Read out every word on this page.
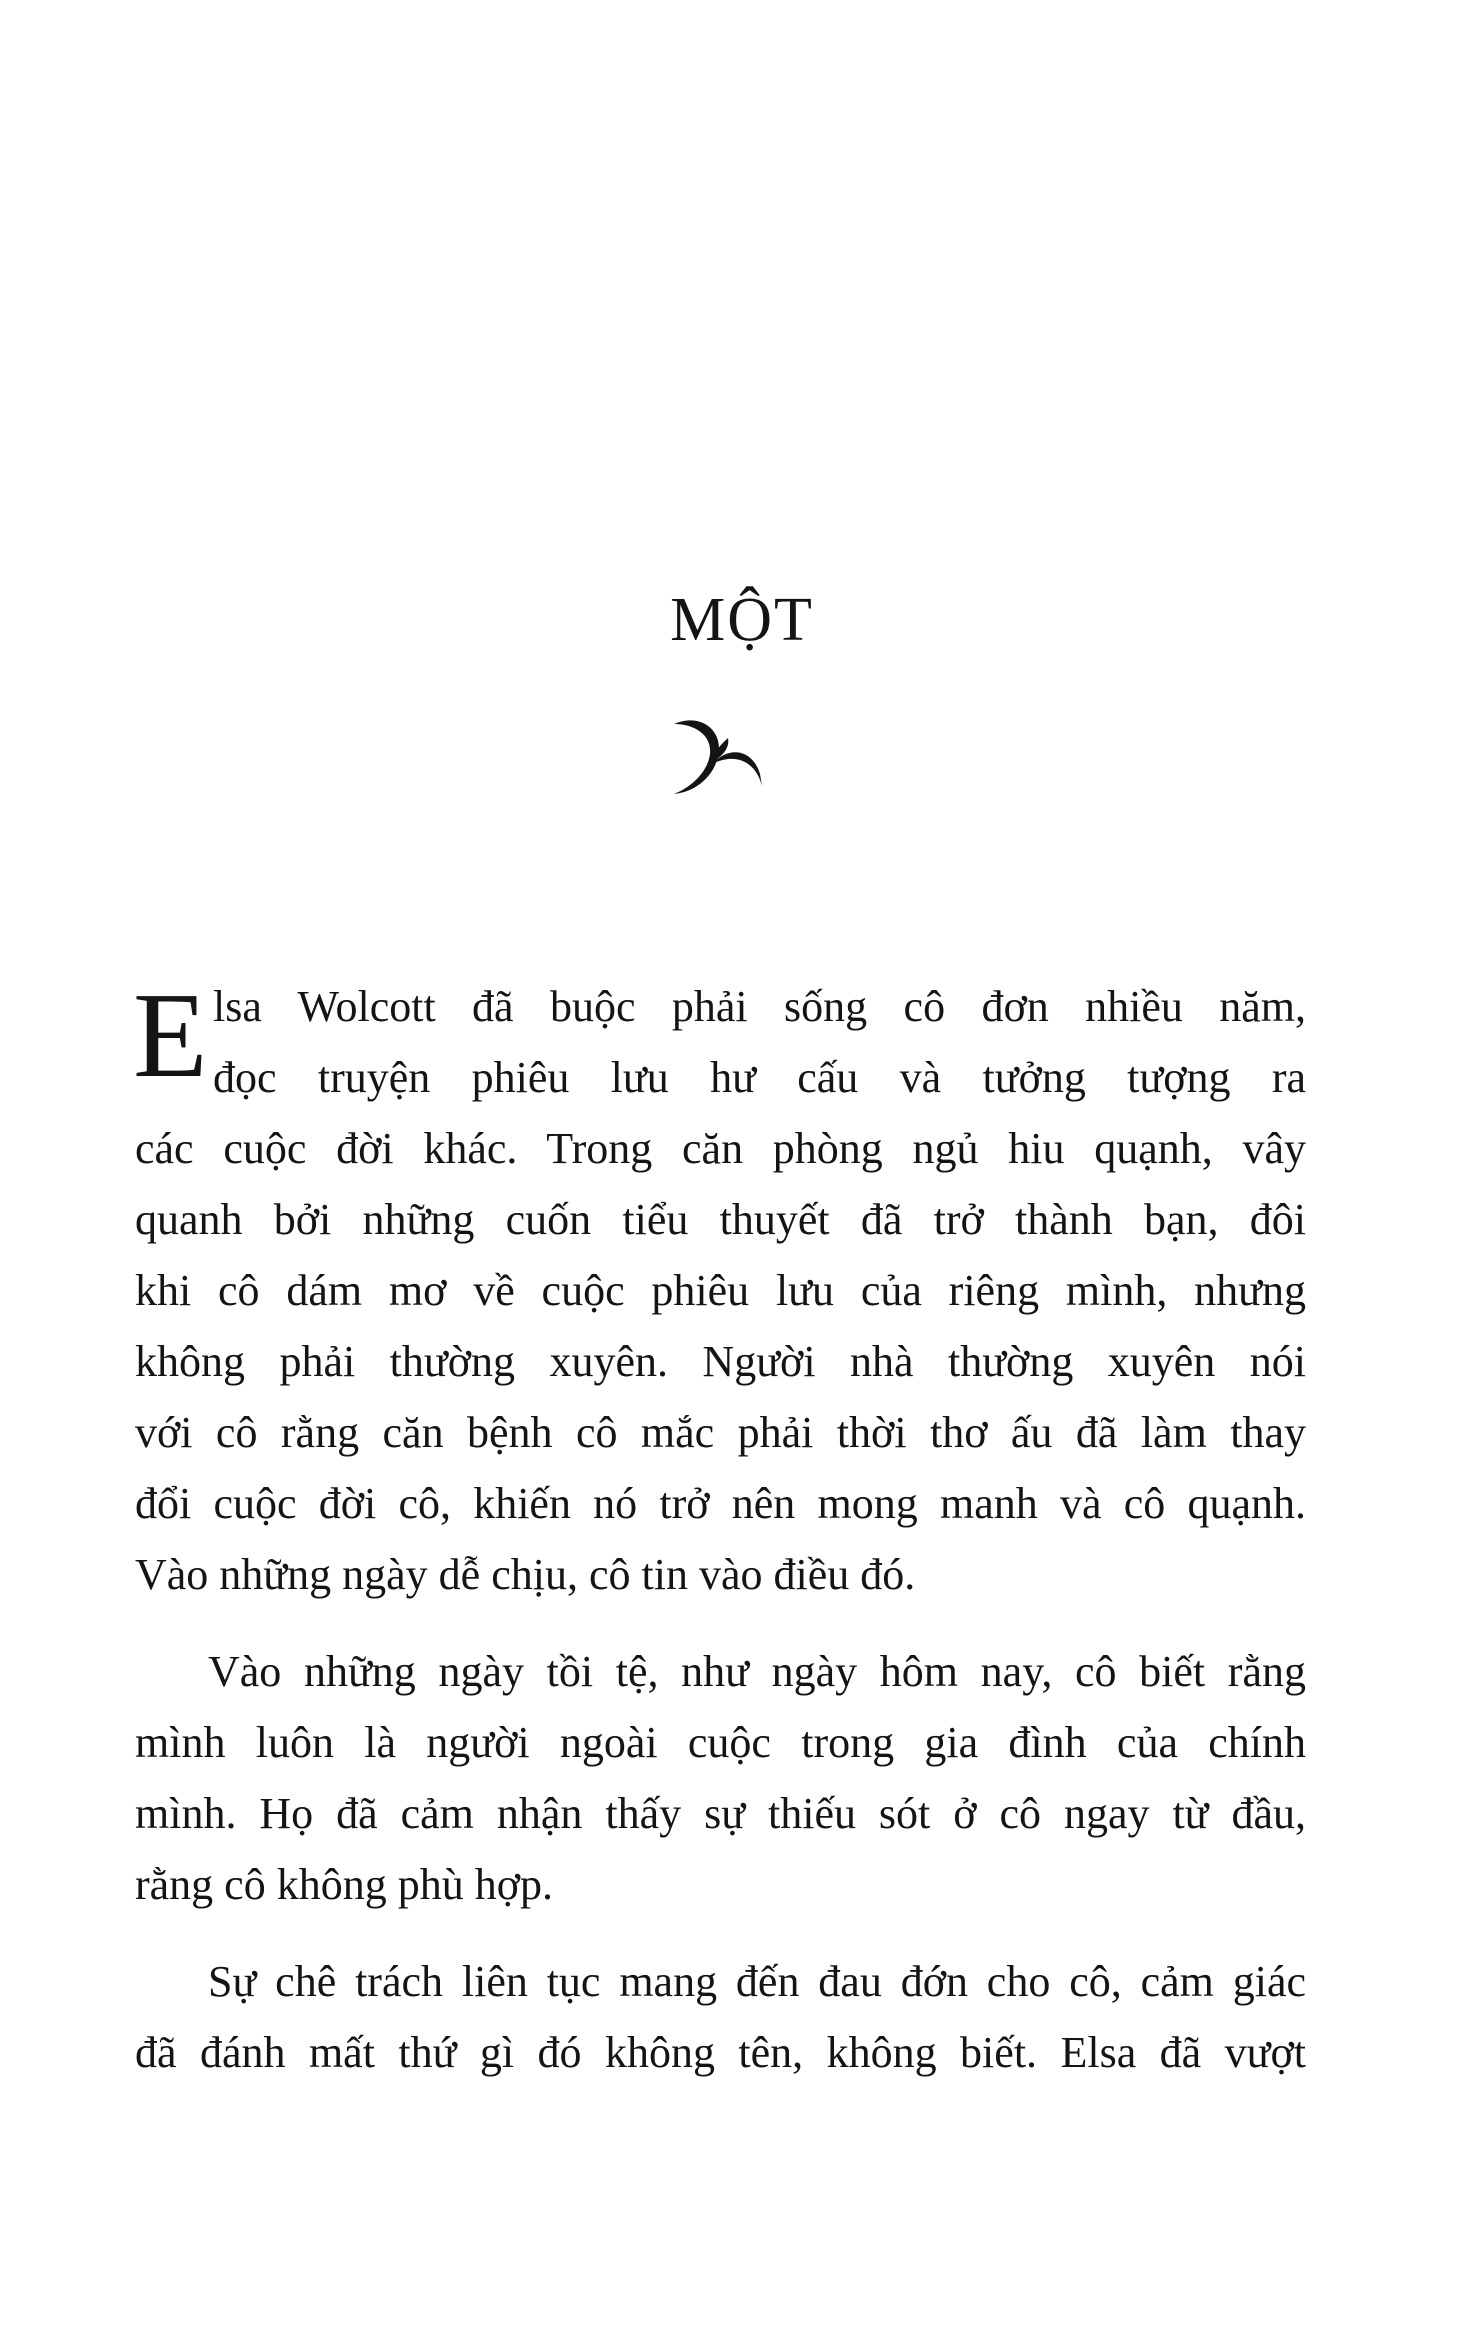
MỘT
E lsa Wolcott đã buộc phải sống cô đơn nhiều năm,
đọc truyện phiêu lưu hư cấu và tưởng tượng ra
các cuộc đời khác. Trong căn phòng ngủ hiu quạnh, vây
quanh bởi những cuốn tiểu thuyết đã trở thành bạn, đôi
khi cô dám mơ về cuộc phiêu lưu của riêng mình, nhưng
không phải thường xuyên. Người nhà thường xuyên nói
với cô rằng căn bệnh cô mắc phải thời thơ ấu đã làm thay
đổi cuộc đời cô, khiến nó trở nên mong manh và cô quạnh.
Vào những ngày dễ chịu, cô tin vào điều đó.
Vào những ngày tồi tệ, như ngày hôm nay, cô biết rằng
mình luôn là người ngoài cuộc trong gia đình của chính
mình. Họ đã cảm nhận thấy sự thiếu sót ở cô ngay từ đầu,
rằng cô không phù hợp.
Sự chê trách liên tục mang đến đau đớn cho cô, cảm giác
đã đánh mất thứ gì đó không tên, không biết. Elsa đã vượt
